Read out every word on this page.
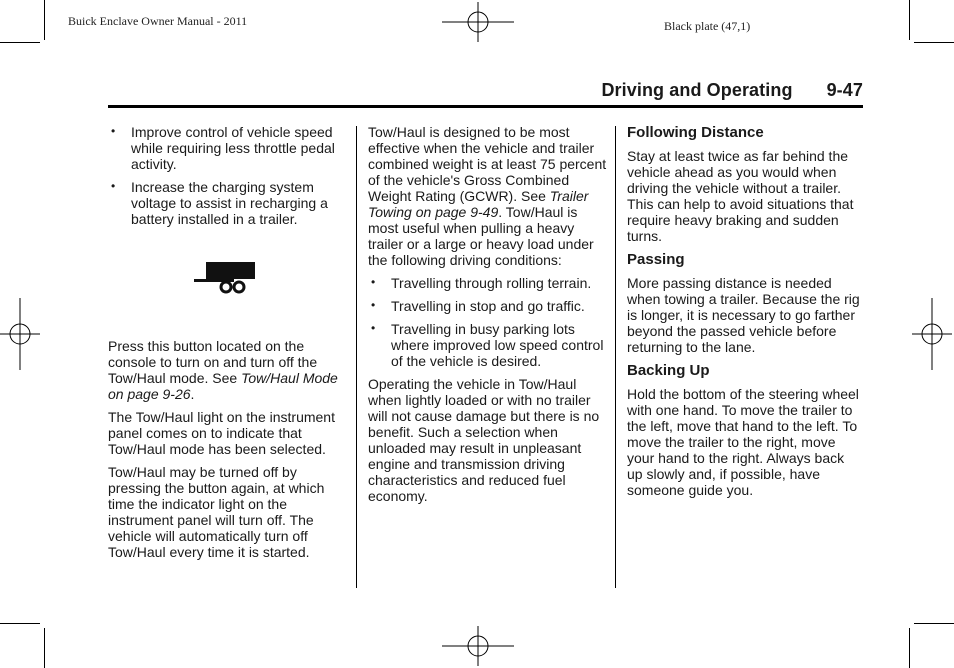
Buick Enclave Owner Manual - 2011	Black plate (47,1)
Driving and Operating 9-47
• Improve control of vehicle speed while requiring less throttle pedal activity.
• Increase the charging system voltage to assist in recharging a battery installed in a trailer.

Press this button located on the console to turn on and turn off the Tow/Haul mode. See Tow/Haul Mode on page 9-26.

The Tow/Haul light on the instrument panel comes on to indicate that Tow/Haul mode has been selected.

Tow/Haul may be turned off by pressing the button again, at which time the indicator light on the instrument panel will turn off. The vehicle will automatically turn off Tow/Haul every time it is started.

Tow/Haul is designed to be most effective when the vehicle and trailer combined weight is at least 75 percent of the vehicle's Gross Combined Weight Rating (GCWR). See Trailer Towing on page 9-49. Tow/Haul is most useful when pulling a heavy trailer or a large or heavy load under the following driving conditions:

• Travelling through rolling terrain.
• Travelling in stop and go traffic.
• Travelling in busy parking lots where improved low speed control of the vehicle is desired.

Operating the vehicle in Tow/Haul when lightly loaded or with no trailer will not cause damage but there is no benefit. Such a selection when unloaded may result in unpleasant engine and transmission driving characteristics and reduced fuel economy.

Following Distance

Stay at least twice as far behind the vehicle ahead as you would when driving the vehicle without a trailer. This can help to avoid situations that require heavy braking and sudden turns.

Passing

More passing distance is needed when towing a trailer. Because the rig is longer, it is necessary to go farther beyond the passed vehicle before returning to the lane.

Backing Up

Hold the bottom of the steering wheel with one hand. To move the trailer to the left, move that hand to the left. To move the trailer to the right, move your hand to the right. Always back up slowly and, if possible, have someone guide you.
